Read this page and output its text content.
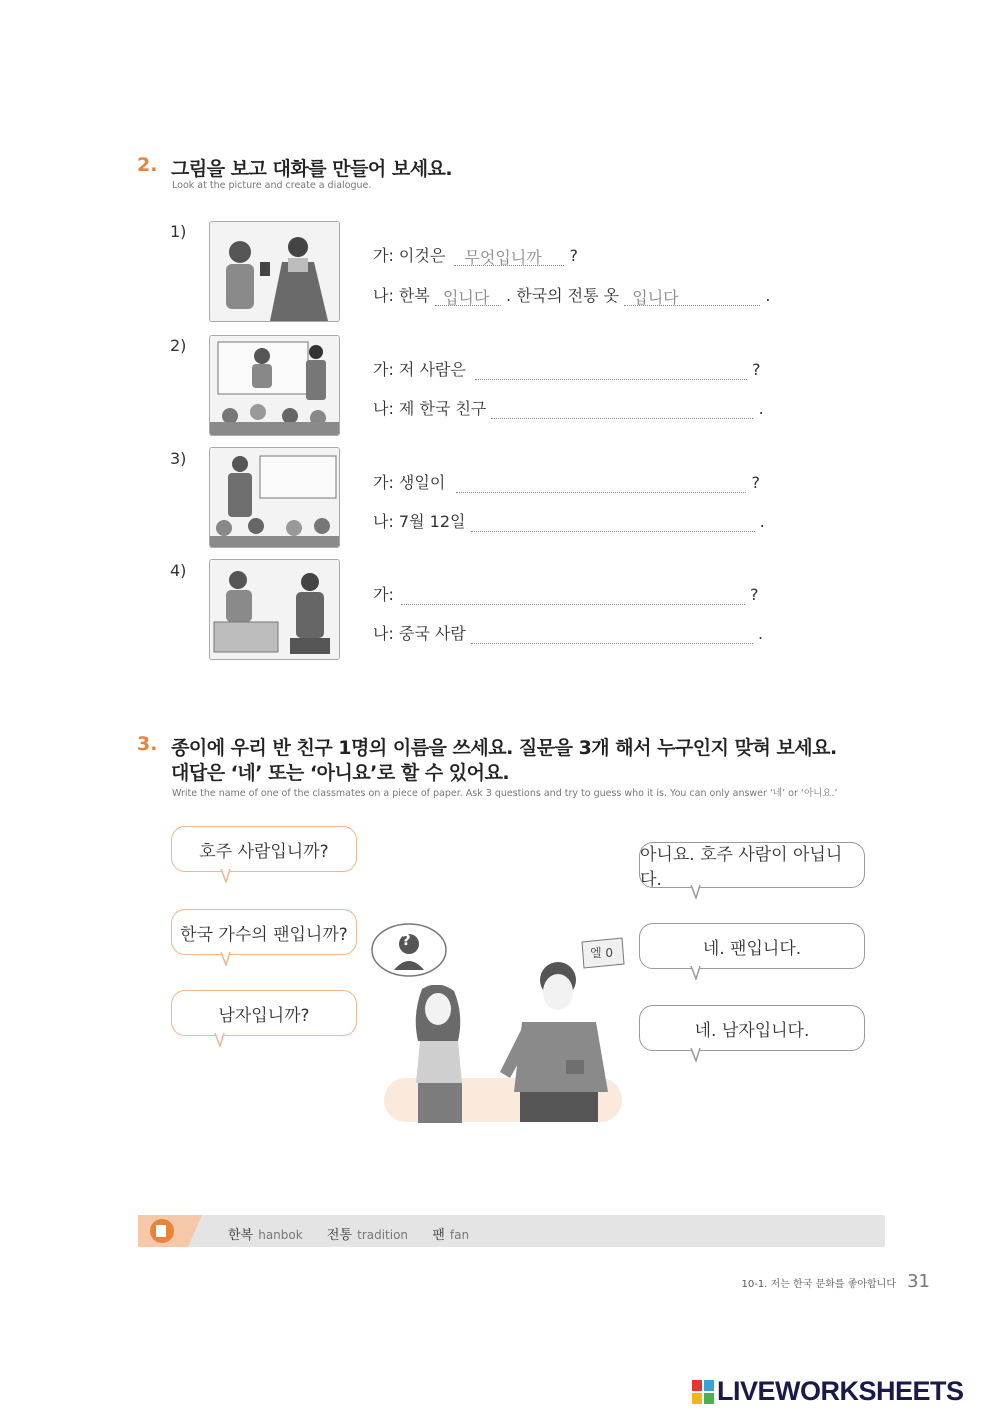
2. 그림을 보고 대화를 만들어 보세요.
Look at the picture and create a dialogue.
1)
가: 이것은 무엇입니까 ?
나: 한복 입니다 . 한국의 전통 옷 입니다	.
2)
가: 저 사람은	?
나: 제 한국 친구	.
3)
가: 생일이	?
나: 7월 12일	.
4)
가:	?
나: 중국 사람	.
3. 종이에 우리 반 친구 1명의 이름을 쓰세요. 질문을 3개 해서 누구인지 맞혀 보세요.
대답은 ‘네’ 또는 ‘아니요’로 할 수 있어요.
Write the name of one of the classmates on a piece of paper. Ask 3 questions and try to guess who it is. You can only answer ‘네’ or ‘아니요.’
호주 사람입니까?
한국 가수의 팬입니까?
남자입니까?
아니요. 호주 사람이 아닙니다.
네. 팬입니다.
네. 남자입니다.
?
엘 0
한복 hanbok 전통 tradition 팬 fan
10-1. 저는 한국 문화를 좋아합니다 31
LIVEWORKSHEETS
